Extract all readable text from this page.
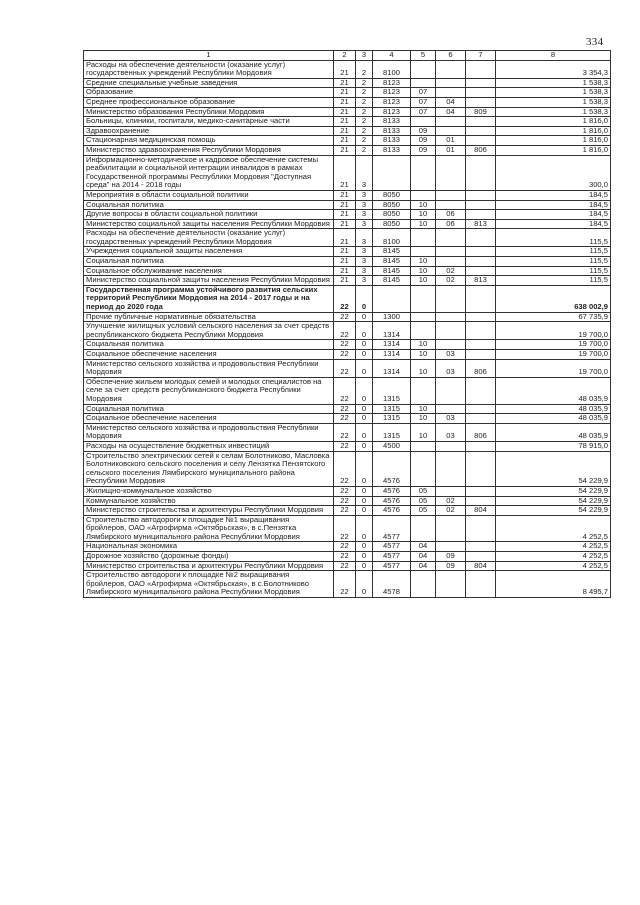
334
1	2	3	4	5	6	7	8
Расходы на обеспечение деятельности (оказание услуг) государственных учреждений Республики Мордовия	21	2	8100				3 354,3
Средние специальные учебные заведения	21	2	8123				1 538,3
Образование	21	2	8123	07			1 538,3
Среднее профессиональное образование	21	2	8123	07	04		1 538,3
Министерство образования Республики Мордовия	21	2	8123	07	04	809	1 538,3
Больницы, клиники, госпитали, медико-санитарные части	21	2	8133				1 816,0
Здравоохранение	21	2	8133	09			1 816,0
Стационарная медицинская помощь	21	2	8133	09	01		1 816,0
Министерство здравоохранения Республики Мордовия	21	2	8133	09	01	806	1 816,0
Информационно-методическое и кадровое обеспечение системы реабилитации и социальной интеграции инвалидов в рамках Государственной программы Республики Мордовия "Доступная среда" на 2014 - 2018 годы	21	3					300,0
Мероприятия в области социальной политики	21	3	8050				184,5
Социальная политика	21	3	8050	10			184,5
Другие вопросы в области социальной политики	21	3	8050	10	06		184,5
Министерство социальной защиты населения Республики Мордовия	21	3	8050	10	06	813	184,5
Расходы на обеспечение деятельности (оказание услуг) государственных учреждений Республики Мордовия	21	3	8100				115,5
Учреждения социальной защиты населения	21	3	8145				115,5
Социальная политика	21	3	8145	10			115,5
Социальное обслуживание населения	21	3	8145	10	02		115,5
Министерство социальной защиты населения Республики Мордовия	21	3	8145	10	02	813	115,5
Государственная программа устойчивого развития сельских территорий Республики Мордовия на 2014 - 2017 годы и на период до 2020 года	22	0					638 002,9
Прочие публичные нормативные обязательства	22	0	1300				67 735,9
Улучшение жилищных условий сельского населения за счет средств республиканского бюджета Республики Мордовия	22	0	1314				19 700,0
Социальная политика	22	0	1314	10			19 700,0
Социальное обеспечение населения	22	0	1314	10	03		19 700,0
Министерство сельского хозяйства и продовольствия Республики Мордовия	22	0	1314	10	03	806	19 700,0
Обеспечение жильем молодых семей и молодых специалистов на селе за счет средств республиканского бюджета Республики Мордовия	22	0	1315				48 035,9
Социальная политика	22	0	1315	10			48 035,9
Социальное обеспечение населения	22	0	1315	10	03		48 035,9
Министерство сельского хозяйства и продовольствия Республики Мордовия	22	0	1315	10	03	806	48 035,9
Расходы на осуществление бюджетных инвестиций	22	0	4500				78 915,0
Строительство электрических сетей к селам Болотниково, Масловка Болотниковского сельского поселения и селу Лензятка Пензятского сельского поселения Лямбирского муниципального района Республики Мордовия	22	0	4576				54 229,9
Жилищно-коммунальное хозяйство	22	0	4576	05			54 229,9
Коммунальное хозяйство	22	0	4576	05	02		54 229,9
Министерство строительства и архитектуры Республики Мордовия	22	0	4576	05	02	804	54 229,9
Строительство автодороги к площадке №1 выращивания бройлеров, ОАО «Агрофирма «Октябрьская», в с.Пензятка Лямбирского муниципального района Республики Мордовия	22	0	4577				4 252,5
Национальная экономика	22	0	4577	04			4 252,5
Дорожное хозяйство (дорожные фонды)	22	0	4577	04	09		4 252,5
Министерство строительства и архитектуры Республики Мордовия	22	0	4577	04	09	804	4 252,5
Строительство автодороги к площадке №2 выращивания бройлеров, ОАО «Агрофирма «Октябрьская», в с.Болотниково Лямбирского муниципального района Республики Мордовия	22	0	4578				8 495,7
